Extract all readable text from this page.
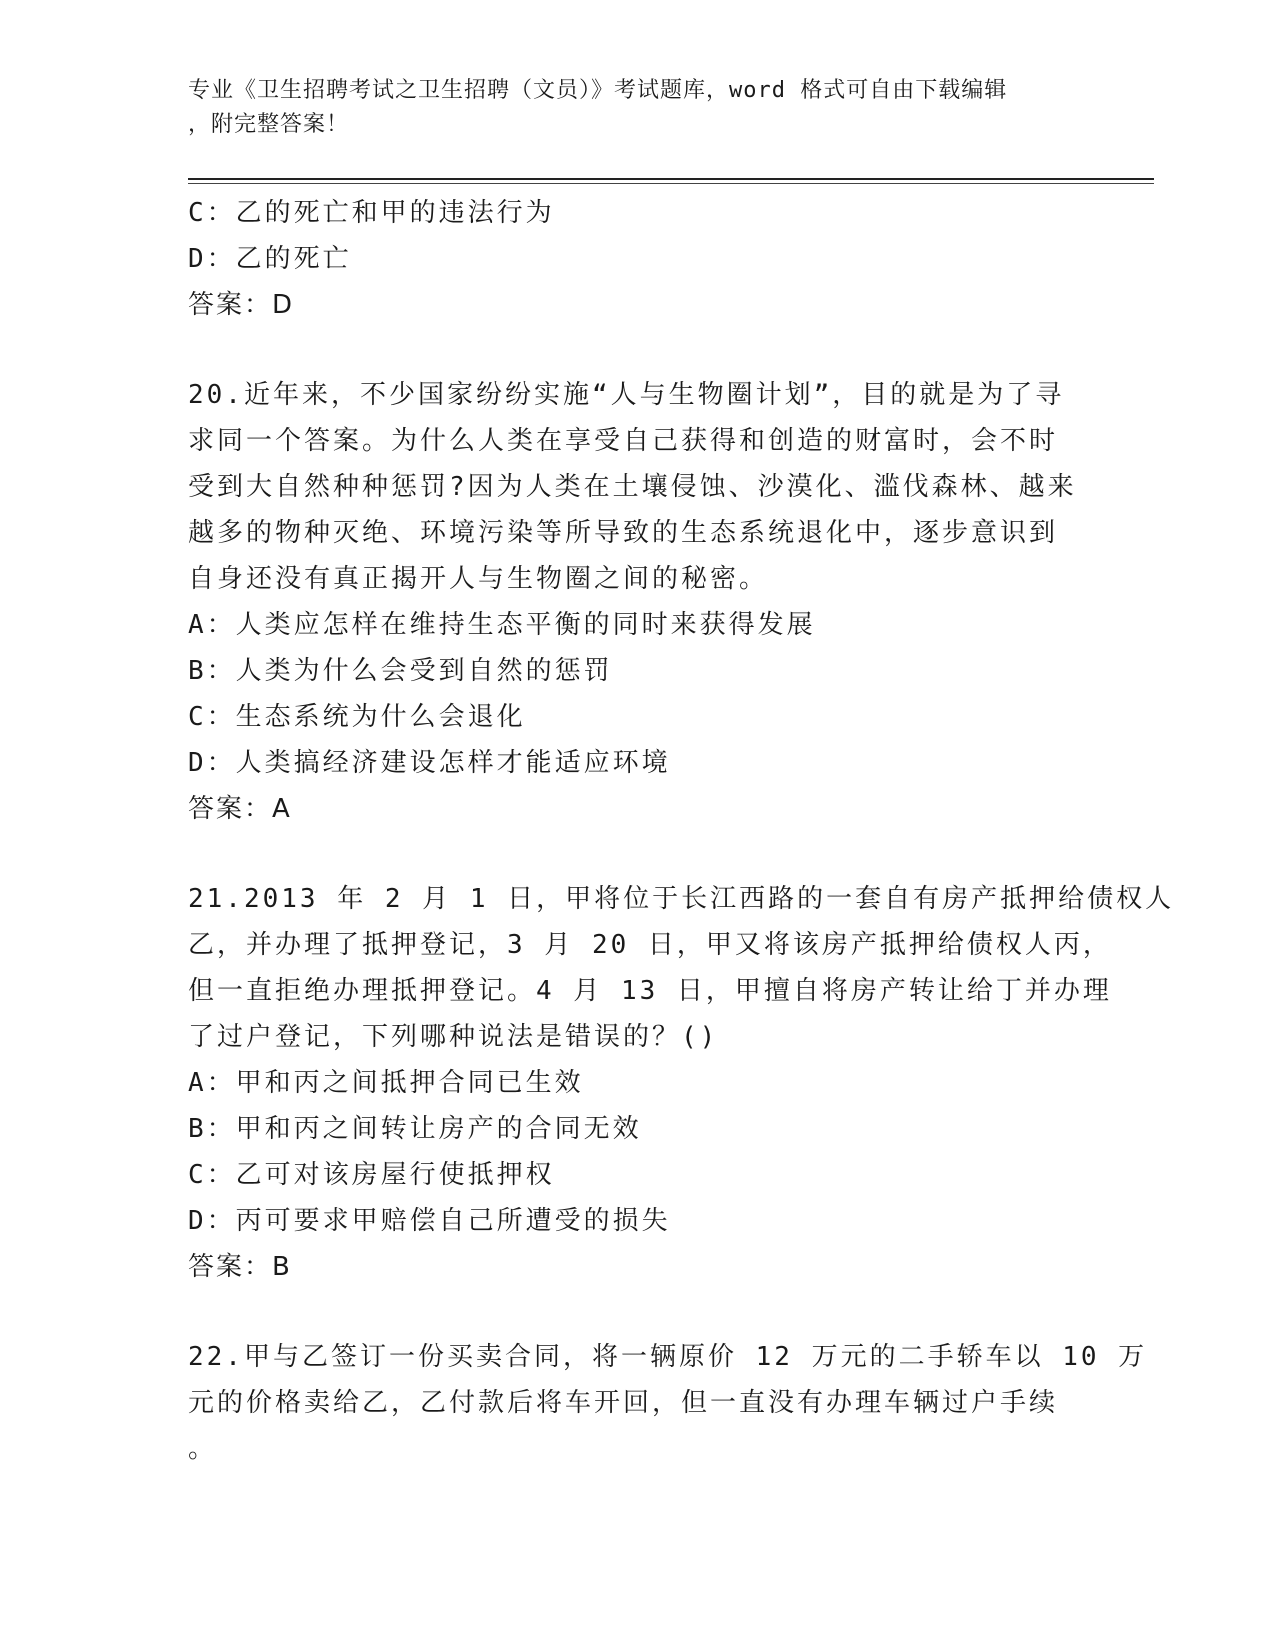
专业《卫生招聘考试之卫生招聘（文员）》考试题库，word 格式可自由下载编辑
，附完整答案！
C：乙的死亡和甲的违法行为
D：乙的死亡
答案：D
20.近年来，不少国家纷纷实施“人与生物圈计划”，目的就是为了寻
求同一个答案。为什么人类在享受自己获得和创造的财富时，会不时
受到大自然种种惩罚?因为人类在土壤侵蚀、沙漠化、滥伐森林、越来
越多的物种灭绝、环境污染等所导致的生态系统退化中，逐步意识到
自身还没有真正揭开人与生物圈之间的秘密。
A：人类应怎样在维持生态平衡的同时来获得发展
B：人类为什么会受到自然的惩罚
C：生态系统为什么会退化
D：人类搞经济建设怎样才能适应环境
答案：A
21.2013 年 2 月 1 日，甲将位于长江西路的一套自有房产抵押给债权人
乙，并办理了抵押登记，3 月 20 日，甲又将该房产抵押给债权人丙，
但一直拒绝办理抵押登记。4 月 13 日，甲擅自将房产转让给丁并办理
了过户登记，下列哪种说法是错误的？()
A：甲和丙之间抵押合同已生效
B：甲和丙之间转让房产的合同无效
C：乙可对该房屋行使抵押权
D：丙可要求甲赔偿自己所遭受的损失
答案：B
22.甲与乙签订一份买卖合同，将一辆原价 12 万元的二手轿车以 10 万
元的价格卖给乙，乙付款后将车开回，但一直没有办理车辆过户手续
。
